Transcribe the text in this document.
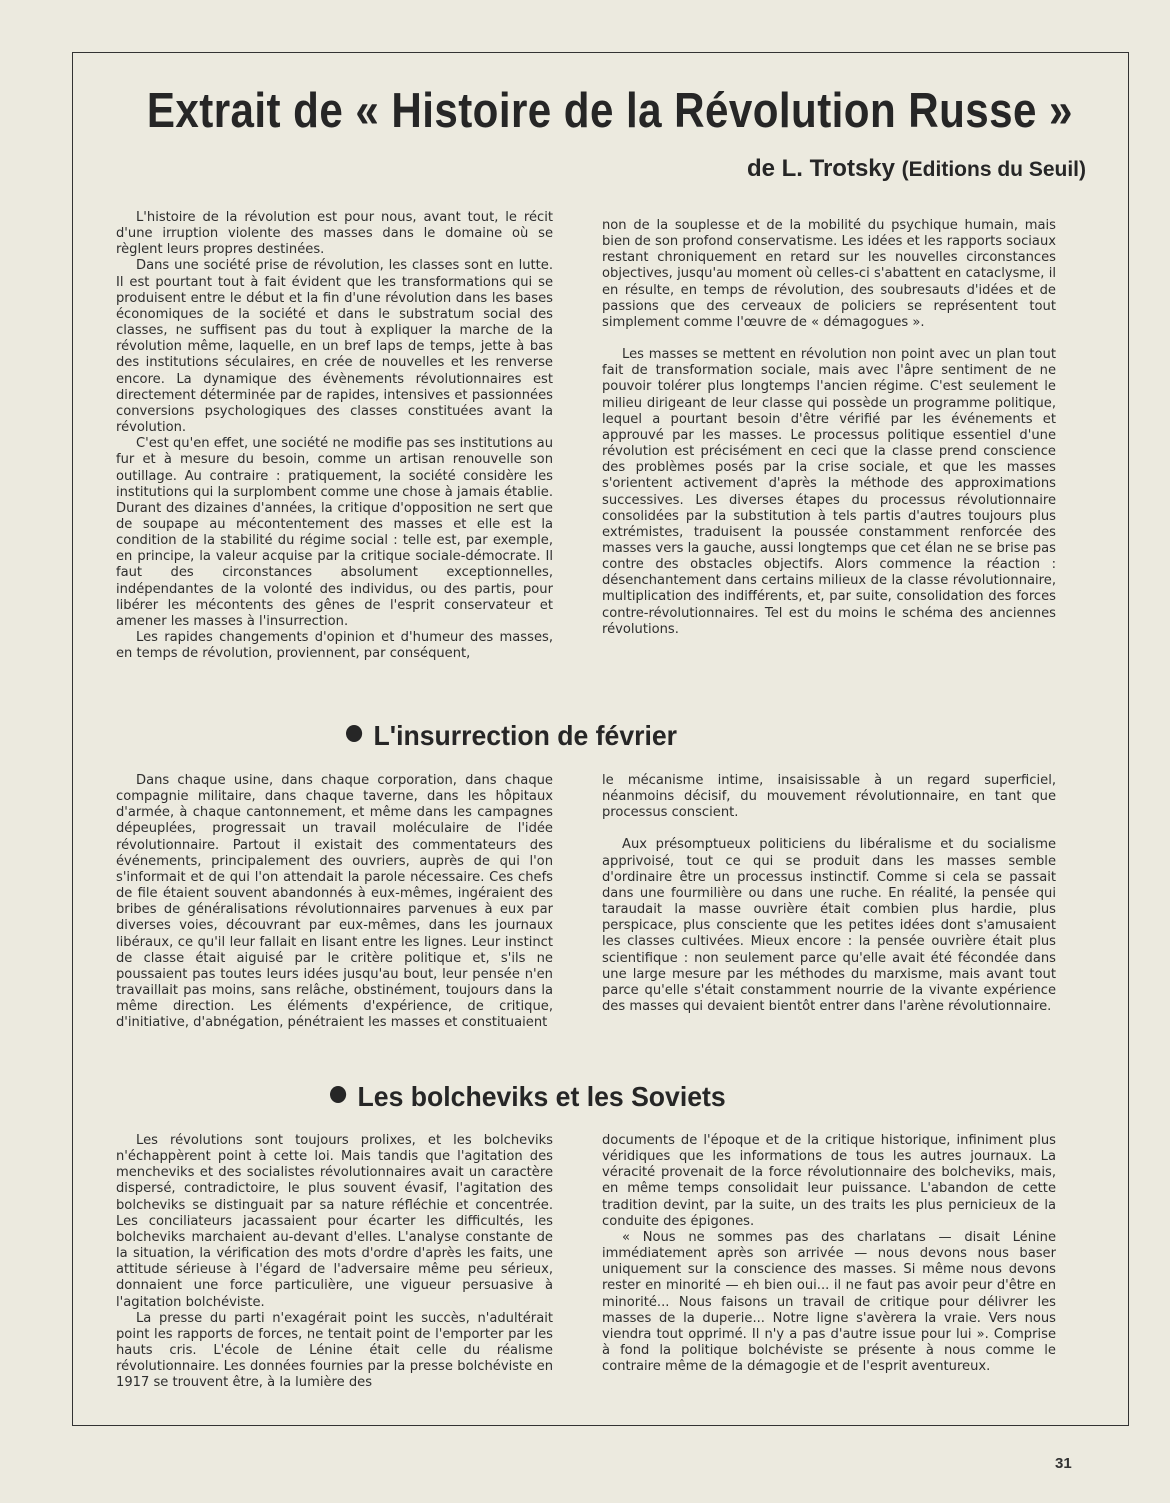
Extrait de « Histoire de la Révolution Russe »
de L. Trotsky (Editions du Seuil)

L'histoire de la révolution est pour nous, avant tout, le récit d'une irruption violente des masses dans le domaine où se règlent leurs propres destinées.

Dans une société prise de révolution, les classes sont en lutte. Il est pourtant tout à fait évident que les transformations qui se produisent entre le début et la fin d'une révolution dans les bases économiques de la société et dans le substratum social des classes, ne suffisent pas du tout à expliquer la marche de la révolution même, laquelle, en un bref laps de temps, jette à bas des institutions séculaires, en crée de nouvelles et les renverse encore. La dynamique des évènements révolutionnaires est directement déterminée par de rapides, intensives et passionnées conversions psychologiques des classes constituées avant la révolution.

C'est qu'en effet, une société ne modifie pas ses institutions au fur et à mesure du besoin, comme un artisan renouvelle son outillage. Au contraire : pratiquement, la société considère les institutions qui la surplombent comme une chose à jamais établie. Durant des dizaines d'années, la critique d'opposition ne sert que de soupape au mécontentement des masses et elle est la condition de la stabilité du régime social : telle est, par exemple, en principe, la valeur acquise par la critique sociale-démocrate. Il faut des circonstances absolument exceptionnelles, indépendantes de la volonté des individus, ou des partis, pour libérer les mécontents des gênes de l'esprit conservateur et amener les masses à l'insurrection.

Les rapides changements d'opinion et d'humeur des masses, en temps de révolution, proviennent, par conséquent,

non de la souplesse et de la mobilité du psychique humain, mais bien de son profond conservatisme. Les idées et les rapports sociaux restant chroniquement en retard sur les nouvelles circonstances objectives, jusqu'au moment où celles-ci s'abattent en cataclysme, il en résulte, en temps de révolution, des soubresauts d'idées et de passions que des cerveaux de policiers se représentent tout simplement comme l'œuvre de « démagogues ».

Les masses se mettent en révolution non point avec un plan tout fait de transformation sociale, mais avec l'âpre sentiment de ne pouvoir tolérer plus longtemps l'ancien régime. C'est seulement le milieu dirigeant de leur classe qui possède un programme politique, lequel a pourtant besoin d'être vérifié par les événements et approuvé par les masses. Le processus politique essentiel d'une révolution est précisément en ceci que la classe prend conscience des problèmes posés par la crise sociale, et que les masses s'orientent activement d'après la méthode des approximations successives. Les diverses étapes du processus révolutionnaire consolidées par la substitution à tels partis d'autres toujours plus extrémistes, traduisent la poussée constamment renforcée des masses vers la gauche, aussi longtemps que cet élan ne se brise pas contre des obstacles objectifs. Alors commence la réaction : désenchantement dans certains milieux de la classe révolutionnaire, multiplication des indifférents, et, par suite, consolidation des forces contre-révolutionnaires. Tel est du moins le schéma des anciennes révolutions.

L'insurrection de février

Dans chaque usine, dans chaque corporation, dans chaque compagnie militaire, dans chaque taverne, dans les hôpitaux d'armée, à chaque cantonnement, et même dans les campagnes dépeuplées, progressait un travail moléculaire de l'idée révolutionnaire. Partout il existait des commentateurs des événements, principalement des ouvriers, auprès de qui l'on s'informait et de qui l'on attendait la parole nécessaire. Ces chefs de file étaient souvent abandonnés à eux-mêmes, ingéraient des bribes de généralisations révolutionnaires parvenues à eux par diverses voies, découvrant par eux-mêmes, dans les journaux libéraux, ce qu'il leur fallait en lisant entre les lignes. Leur instinct de classe était aiguisé par le critère politique et, s'ils ne poussaient pas toutes leurs idées jusqu'au bout, leur pensée n'en travaillait pas moins, sans relâche, obstinément, toujours dans la même direction. Les éléments d'expérience, de critique, d'initiative, d'abnégation, pénétraient les masses et constituaient

le mécanisme intime, insaisissable à un regard superficiel, néanmoins décisif, du mouvement révolutionnaire, en tant que processus conscient.

Aux présomptueux politiciens du libéralisme et du socialisme apprivoisé, tout ce qui se produit dans les masses semble d'ordinaire être un processus instinctif. Comme si cela se passait dans une fourmilière ou dans une ruche. En réalité, la pensée qui taraudait la masse ouvrière était combien plus hardie, plus perspicace, plus consciente que les petites idées dont s'amusaient les classes cultivées. Mieux encore : la pensée ouvrière était plus scientifique : non seulement parce qu'elle avait été fécondée dans une large mesure par les méthodes du marxisme, mais avant tout parce qu'elle s'était constamment nourrie de la vivante expérience des masses qui devaient bientôt entrer dans l'arène révolutionnaire.

Les bolcheviks et les Soviets

Les révolutions sont toujours prolixes, et les bolcheviks n'échappèrent point à cette loi. Mais tandis que l'agitation des mencheviks et des socialistes révolutionnaires avait un caractère dispersé, contradictoire, le plus souvent évasif, l'agitation des bolcheviks se distinguait par sa nature réfléchie et concentrée. Les conciliateurs jacassaient pour écarter les difficultés, les bolcheviks marchaient au-devant d'elles. L'analyse constante de la situation, la vérification des mots d'ordre d'après les faits, une attitude sérieuse à l'égard de l'adversaire même peu sérieux, donnaient une force particulière, une vigueur persuasive à l'agitation bolchéviste.

La presse du parti n'exagérait point les succès, n'adultérait point les rapports de forces, ne tentait point de l'emporter par les hauts cris. L'école de Lénine était celle du réalisme révolutionnaire. Les données fournies par la presse bolchéviste en 1917 se trouvent être, à la lumière des

documents de l'époque et de la critique historique, infiniment plus véridiques que les informations de tous les autres journaux. La véracité provenait de la force révolutionnaire des bolcheviks, mais, en même temps consolidait leur puissance. L'abandon de cette tradition devint, par la suite, un des traits les plus pernicieux de la conduite des épigones.

« Nous ne sommes pas des charlatans — disait Lénine immédiatement après son arrivée — nous devons nous baser uniquement sur la conscience des masses. Si même nous devons rester en minorité — eh bien oui... il ne faut pas avoir peur d'être en minorité... Nous faisons un travail de critique pour délivrer les masses de la duperie... Notre ligne s'avèrera la vraie. Vers nous viendra tout opprimé. Il n'y a pas d'autre issue pour lui ». Comprise à fond la politique bolchéviste se présente à nous comme le contraire même de la démagogie et de l'esprit aventureux.

31
